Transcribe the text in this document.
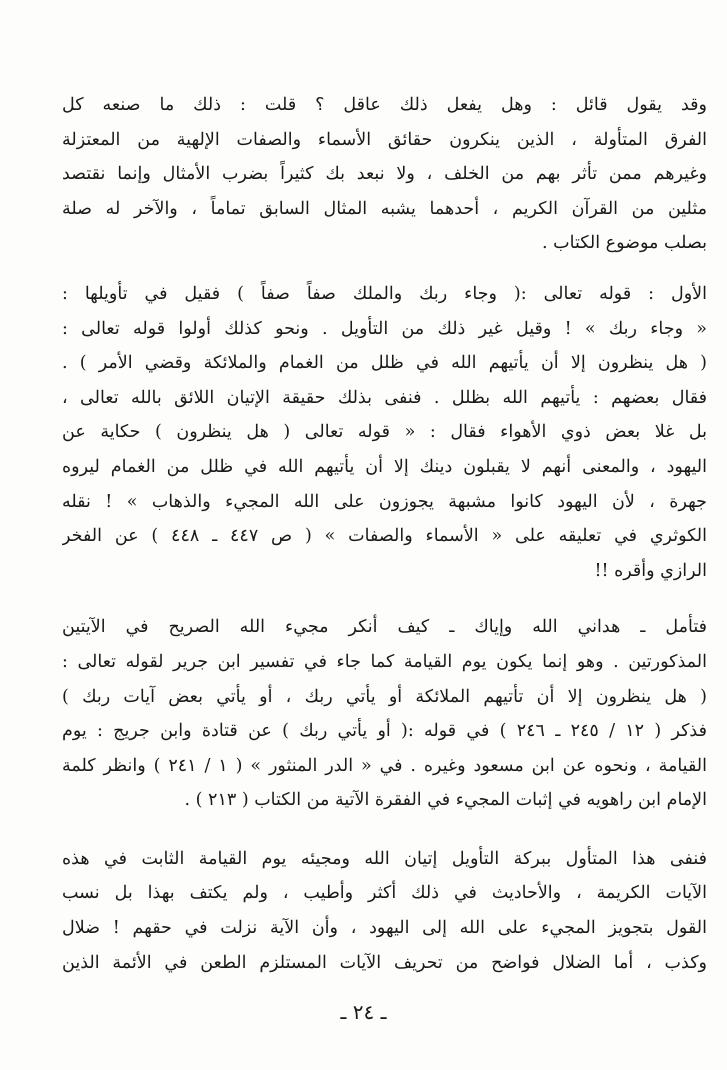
وقد يقول قائل : وهل يفعل ذلك عاقل ؟ قلت : ذلك ما صنعه كل
الفرق المتأولة ، الذين ينكرون حقائق الأسماء والصفات الإلهية من المعتزلة
وغيرهم ممن تأثر بهم من الخلف ، ولا نبعد بك كثيراً بضرب الأمثال وإنما نقتصد
مثلين من القرآن الكريم ، أحدهما يشبه المثال السابق تماماً ، والآخر له صلة
بصلب موضوع الكتاب .

الأول : قوله تعالى :( وجاء ربك والملك صفاً صفاً ) فقيل في تأويلها :
« وجاء ربك » ! وقيل غير ذلك من التأويل . ونحو كذلك أولوا قوله تعالى :
( هل ينظرون إلا أن يأتيهم الله في ظلل من الغمام والملائكة وقضي الأمر ) .
فقال بعضهم : يأتيهم الله بظلل . فنفى بذلك حقيقة الإتيان اللائق بالله تعالى ،
بل غلا بعض ذوي الأهواء فقال : « قوله تعالى ( هل ينظرون ) حكاية عن
اليهود ، والمعنى أنهم لا يقبلون دينك إلا أن يأتيهم الله في ظلل من الغمام ليروه
جهرة ، لأن اليهود كانوا مشبهة يجوزون على الله المجيء والذهاب » ! نقله
الكوثري في تعليقه على « الأسماء والصفات » ( ص ٤٤٧ ـ ٤٤٨ ) عن الفخر
الرازي وأقره !!

فتأمل ـ هداني الله وإياك ـ كيف أنكر مجيء الله الصريح في الآيتين
المذكورتين . وهو إنما يكون يوم القيامة كما جاء في تفسير ابن جرير لقوله تعالى :
( هل ينظرون إلا أن تأتيهم الملائكة أو يأتي ربك ، أو يأتي بعض آيات ربك )
فذكر ( ١٢ / ٢٤٥ ـ ٢٤٦ ) في قوله :( أو يأتي ربك ) عن قتادة وابن جريج : يوم
القيامة ، ونحوه عن ابن مسعود وغيره . في « الدر المنثور » ( ١ / ٢٤١ ) وانظر كلمة
الإمام ابن راهويه في إثبات المجيء في الفقرة الآتية من الكتاب ( ٢١٣ ) .

فنفى هذا المتأول ببركة التأويل إتيان الله ومجيئه يوم القيامة الثابت في هذه
الآيات الكريمة ، والأحاديث في ذلك أكثر وأطيب ، ولم يكتف بهذا بل نسب
القول بتجويز المجيء على الله إلى اليهود ، وأن الآية نزلت في حقهم ! ضلال
وكذب ، أما الضلال فواضح من تحريف الآيات المستلزم الطعن في الأئمة الذين

ـ ٢٤ ـ
